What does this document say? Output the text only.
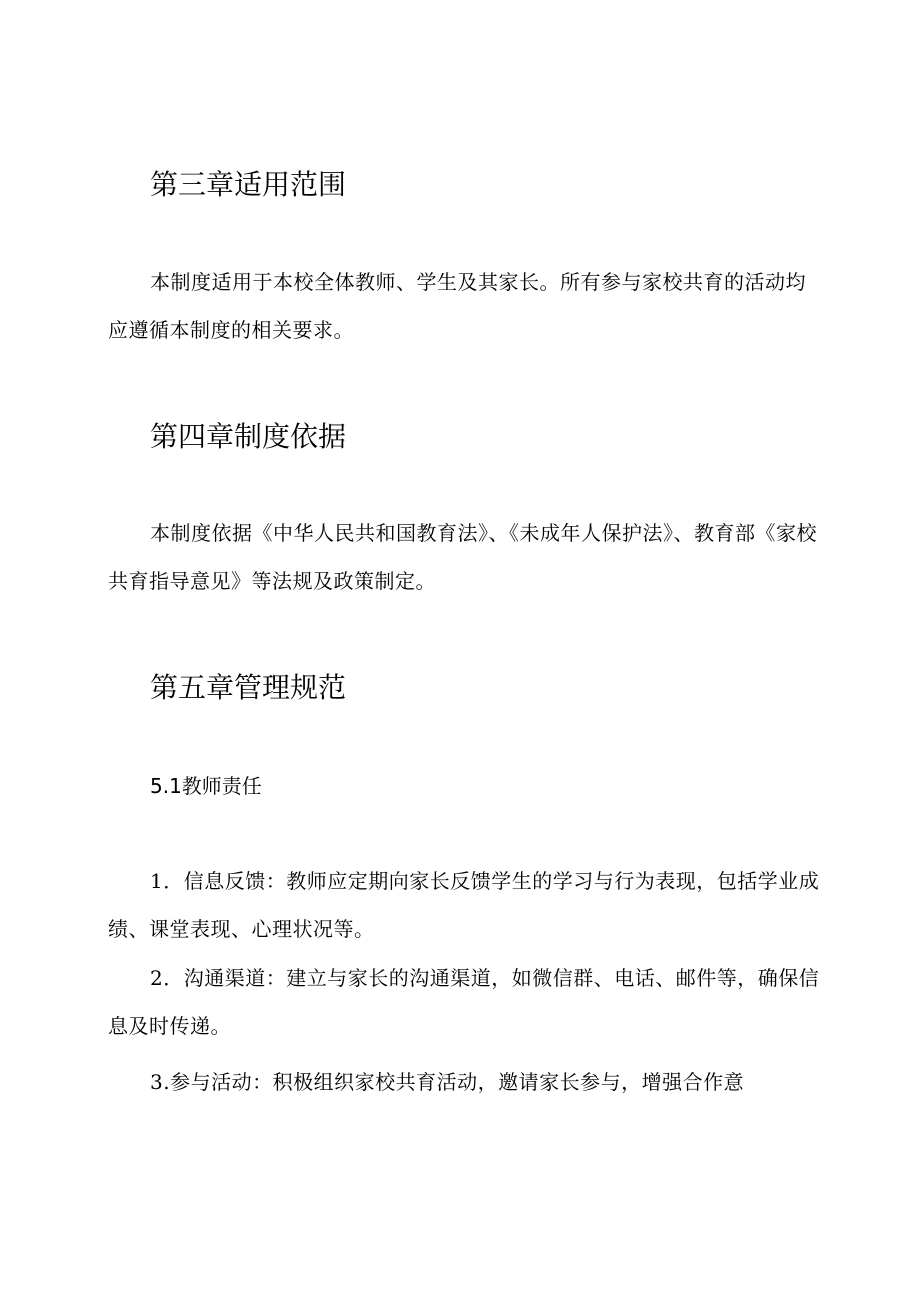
第三章适用范围

本制度适用于本校全体教师、学生及其家长。所有参与家校共育的活动均应遵循本制度的相关要求。

第四章制度依据

本制度依据《中华人民共和国教育法》、《未成年人保护法》、教育部《家校共育指导意见》等法规及政策制定。

第五章管理规范

5.1教师责任

1．信息反馈：教师应定期向家长反馈学生的学习与行为表现，包括学业成绩、课堂表现、心理状况等。

2．沟通渠道：建立与家长的沟通渠道，如微信群、电话、邮件等，确保信息及时传递。

3.参与活动：积极组织家校共育活动，邀请家长参与，增强合作意
